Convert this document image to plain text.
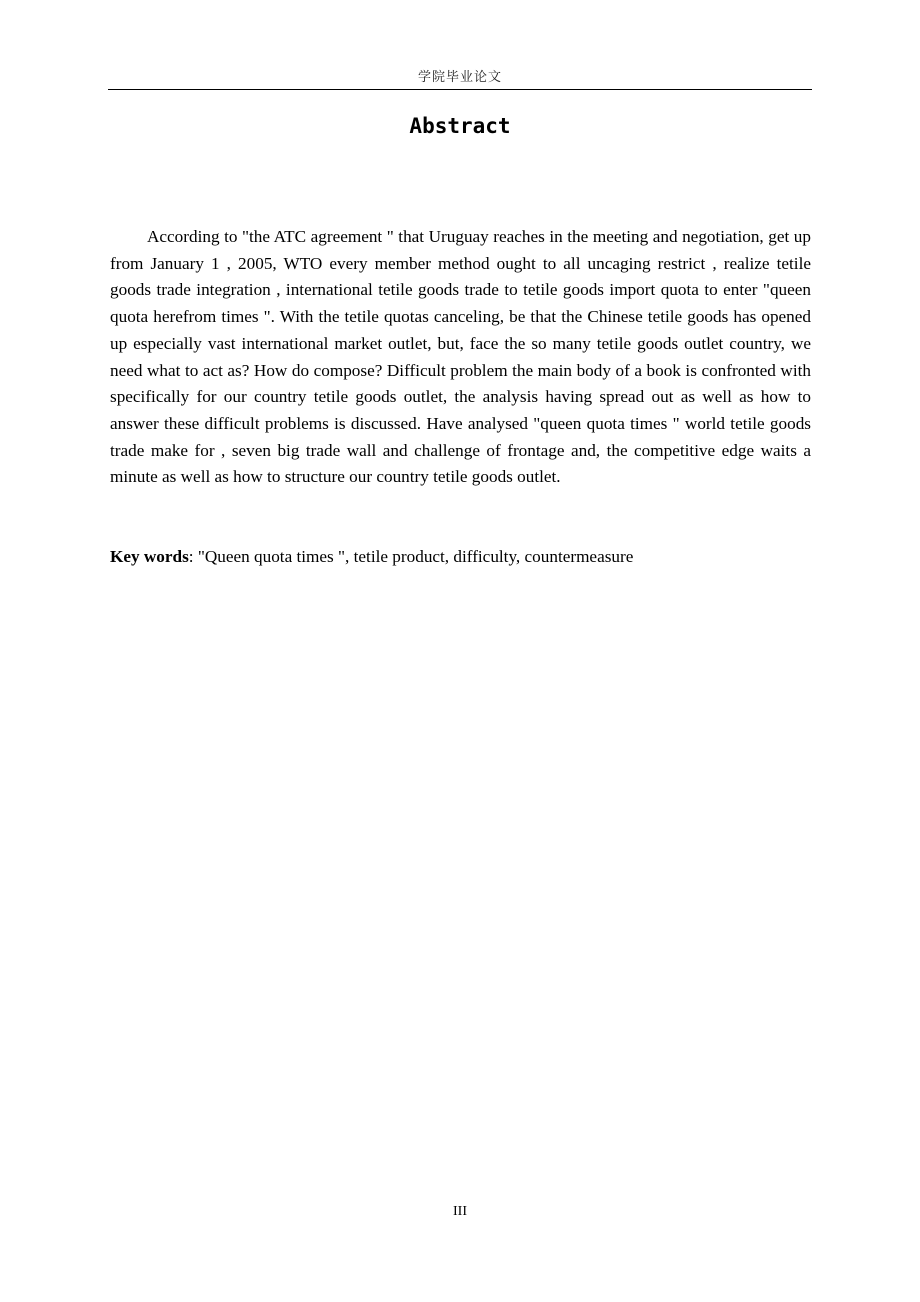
学院毕业论文
Abstract

According to "the ATC agreement " that Uruguay reaches in the meeting and negotiation, get up from January 1 , 2005, WTO every member method ought to all uncaging restrict , realize tetile goods trade integration , international tetile goods trade to tetile goods import quota to enter "queen quota herefrom times ". With the tetile quotas canceling, be that the Chinese tetile goods has opened up especially vast international market outlet, but, face the so many tetile goods outlet country, we need what to act as? How do compose? Difficult problem the main body of a book is confronted with specifically for our country tetile goods outlet, the analysis having spread out as well as how to answer these difficult problems is discussed. Have analysed "queen quota times " world tetile goods trade make for , seven big trade wall and challenge of frontage and, the competitive edge waits a minute as well as how to structure our country tetile goods outlet.

Key words: "Queen quota times ", tetile product, difficulty, countermeasure

III
